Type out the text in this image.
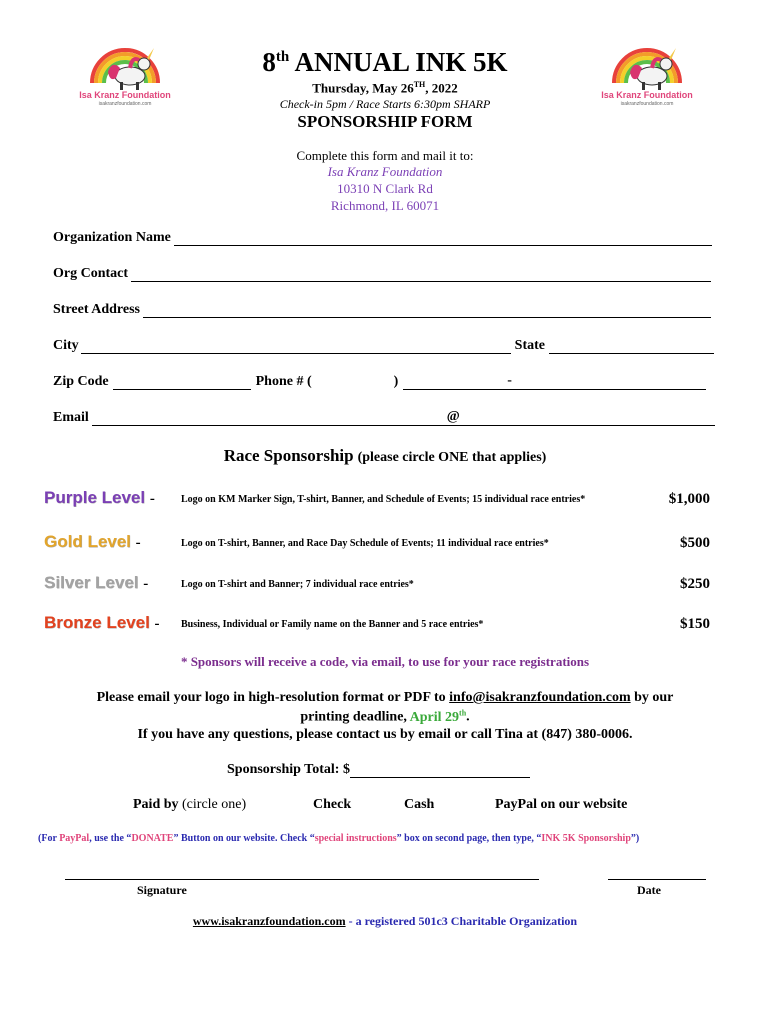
Isa Kranz Foundation
isakranzfoundation.com
Isa Kranz Foundation
isakranzfoundation.com
8th ANNUAL INK 5K
Thursday, May 26TH, 2022
Check-in 5pm / Race Starts 6:30pm SHARP
SPONSORSHIP FORM
Complete this form and mail it to:
Isa Kranz Foundation
10310 N Clark Rd
Richmond, IL 60071
Organization Name
Org Contact
Street Address
City	State
Zip Code	Phone # (	)	-
Email	@
Race Sponsorship (please circle ONE that applies)
Purple Level -	Logo on KM Marker Sign, T-shirt, Banner, and Schedule of Events; 15 individual race entries*	$1,000
Gold Level -	Logo on T-shirt, Banner, and Race Day Schedule of Events; 11 individual race entries*	$500
Silver Level -	Logo on T-shirt and Banner; 7 individual race entries*	$250
Bronze Level - Business, Individual or Family name on the Banner and 5 race entries*	$150
* Sponsors will receive a code, via email, to use for your race registrations
Please email your logo in high-resolution format or PDF to info@isakranzfoundation.com by our
printing deadline, April 29th.
If you have any questions, please contact us by email or call Tina at (847) 380-0006.
Sponsorship Total: $
Paid by (circle one)	Check	Cash	PayPal on our website
(For PayPal, use the “DONATE” Button on our website. Check “special instructions” box on second page, then type, “INK 5K Sponsorship”)
Signature	Date
www.isakranzfoundation.com - a registered 501c3 Charitable Organization
